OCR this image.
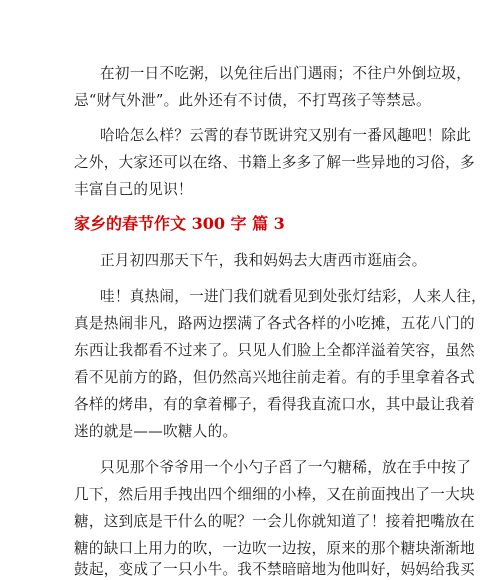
在初一日不吃粥，以免往后出门遇雨；不往户外倒垃圾，
忌“财气外泄”。此外还有不讨债，不打骂孩子等禁忌。
哈哈怎么样？云霄的春节既讲究又别有一番风趣吧！除此
之外，大家还可以在络、书籍上多多了解一些异地的习俗，多
丰富自己的见识！
家乡的春节作文 300 字 篇 3
正月初四那天下午，我和妈妈去大唐西市逛庙会。
哇！真热闹，一进门我们就看见到处张灯结彩，人来人往，
真是热闹非凡，路两边摆满了各式各样的小吃摊，五花八门的
东西让我都看不过来了。只见人们脸上全都洋溢着笑容，虽然
看不见前方的路，但仍然高兴地往前走着。有的手里拿着各式
各样的烤串，有的拿着椰子，看得我直流口水，其中最让我着
迷的就是——吹糖人的。
只见那个爷爷用一个小勺子舀了一勺糖稀，放在手中按了
几下，然后用手拽出四个细细的小棒，又在前面拽出了一大块
糖，这到底是干什么的呢？一会儿你就知道了！接着把嘴放在
糖的缺口上用力的吹，一边吹一边按，原来的那个糖块渐渐地
鼓起，变成了一只小牛。我不禁暗暗地为他叫好，妈妈给我买
